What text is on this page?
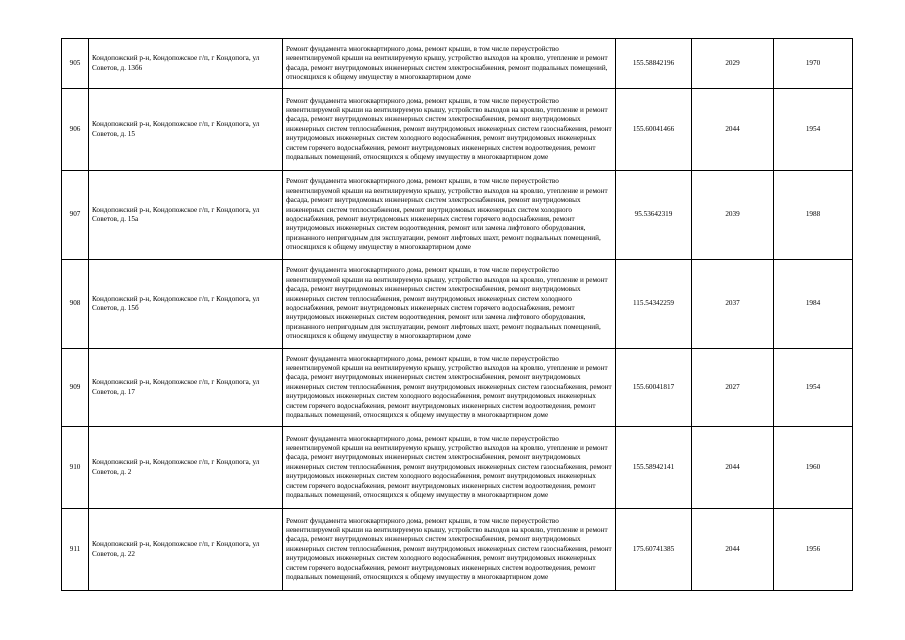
905	Кондопожский р-н, Кондопожское г/п, г Кондопога, ул Советов, д. 13б6	Ремонт фундамента многоквартирного дома, ремонт крыши, в том числе переустройство невентилируемой крыши на вентилируемую крышу, устройство выходов на кровлю, утепление и ремонт фасада, ремонт внутридомовых инженерных систем электроснабжения, ремонт подвальных помещений, относящихся к общему имуществу в многоквартирном доме	155.58842196	2029	1970
906	Кондопожский р-н, Кондопожское г/п, г Кондопога, ул Советов, д. 15	Ремонт фундамента многоквартирного дома, ремонт крыши, в том числе переустройство невентилируемой крыши на вентилируемую крышу, устройство выходов на кровлю, утепление и ремонт фасада, ремонт внутридомовых инженерных систем электроснабжения, ремонт внутридомовых инженерных систем теплоснабжения, ремонт внутридомовых инженерных систем газоснабжения, ремонт внутридомовых инженерных систем холодного водоснабжения, ремонт внутридомовых инженерных систем горячего водоснабжения, ремонт внутридомовых инженерных систем водоотведения, ремонт подвальных помещений, относящихся к общему имуществу в многоквартирном доме	155.60041466	2044	1954
907	Кондопожский р-н, Кондопожское г/п, г Кондопога, ул Советов, д. 15а	Ремонт фундамента многоквартирного дома, ремонт крыши, в том числе переустройство невентилируемой крыши на вентилируемую крышу, устройство выходов на кровлю, утепление и ремонт фасада, ремонт внутридомовых инженерных систем электроснабжения, ремонт внутридомовых инженерных систем теплоснабжения, ремонт внутридомовых инженерных систем холодного водоснабжения, ремонт внутридомовых инженерных систем горячего водоснабжения, ремонт внутридомовых инженерных систем водоотведения, ремонт или замена лифтового оборудования, признанного непригодным для эксплуатации, ремонт лифтовых шахт, ремонт подвальных помещений, относящихся к общему имуществу в многоквартирном доме	95.53642319	2039	1988
908	Кондопожский р-н, Кондопожское г/п, г Кондопога, ул Советов, д. 15б	Ремонт фундамента многоквартирного дома, ремонт крыши, в том числе переустройство невентилируемой крыши на вентилируемую крышу, устройство выходов на кровлю, утепление и ремонт фасада, ремонт внутридомовых инженерных систем электроснабжения, ремонт внутридомовых инженерных систем теплоснабжения, ремонт внутридомовых инженерных систем холодного водоснабжения, ремонт внутридомовых инженерных систем горячего водоснабжения, ремонт внутридомовых инженерных систем водоотведения, ремонт или замена лифтового оборудования, признанного непригодным для эксплуатации, ремонт лифтовых шахт, ремонт подвальных помещений, относящихся к общему имуществу в многоквартирном доме	115.54342259	2037	1984
909	Кондопожский р-н, Кондопожское г/п, г Кондопога, ул Советов, д. 17	Ремонт фундамента многоквартирного дома, ремонт крыши, в том числе переустройство невентилируемой крыши на вентилируемую крышу, устройство выходов на кровлю, утепление и ремонт фасада, ремонт внутридомовых инженерных систем электроснабжения, ремонт внутридомовых инженерных систем теплоснабжения, ремонт внутридомовых инженерных систем газоснабжения, ремонт внутридомовых инженерных систем холодного водоснабжения, ремонт внутридомовых инженерных систем горячего водоснабжения, ремонт внутридомовых инженерных систем водоотведения, ремонт подвальных помещений, относящихся к общему имуществу в многоквартирном доме	155.60041817	2027	1954
910	Кондопожский р-н, Кондопожское г/п, г Кондопога, ул Советов, д. 2	Ремонт фундамента многоквартирного дома, ремонт крыши, в том числе переустройство невентилируемой крыши на вентилируемую крышу, устройство выходов на кровлю, утепление и ремонт фасада, ремонт внутридомовых инженерных систем электроснабжения, ремонт внутридомовых инженерных систем теплоснабжения, ремонт внутридомовых инженерных систем газоснабжения, ремонт внутридомовых инженерных систем холодного водоснабжения, ремонт внутридомовых инженерных систем горячего водоснабжения, ремонт внутридомовых инженерных систем водоотведения, ремонт подвальных помещений, относящихся к общему имуществу в многоквартирном доме	155.58942141	2044	1960
911	Кондопожский р-н, Кондопожское г/п, г Кондопога, ул Советов, д. 22	Ремонт фундамента многоквартирного дома, ремонт крыши, в том числе переустройство невентилируемой крыши на вентилируемую крышу, устройство выходов на кровлю, утепление и ремонт фасада, ремонт внутридомовых инженерных систем электроснабжения, ремонт внутридомовых инженерных систем теплоснабжения, ремонт внутридомовых инженерных систем газоснабжения, ремонт внутридомовых инженерных систем холодного водоснабжения, ремонт внутридомовых инженерных систем горячего водоснабжения, ремонт внутридомовых инженерных систем водоотведения, ремонт подвальных помещений, относящихся к общему имуществу в многоквартирном доме	175.60741385	2044	1956
